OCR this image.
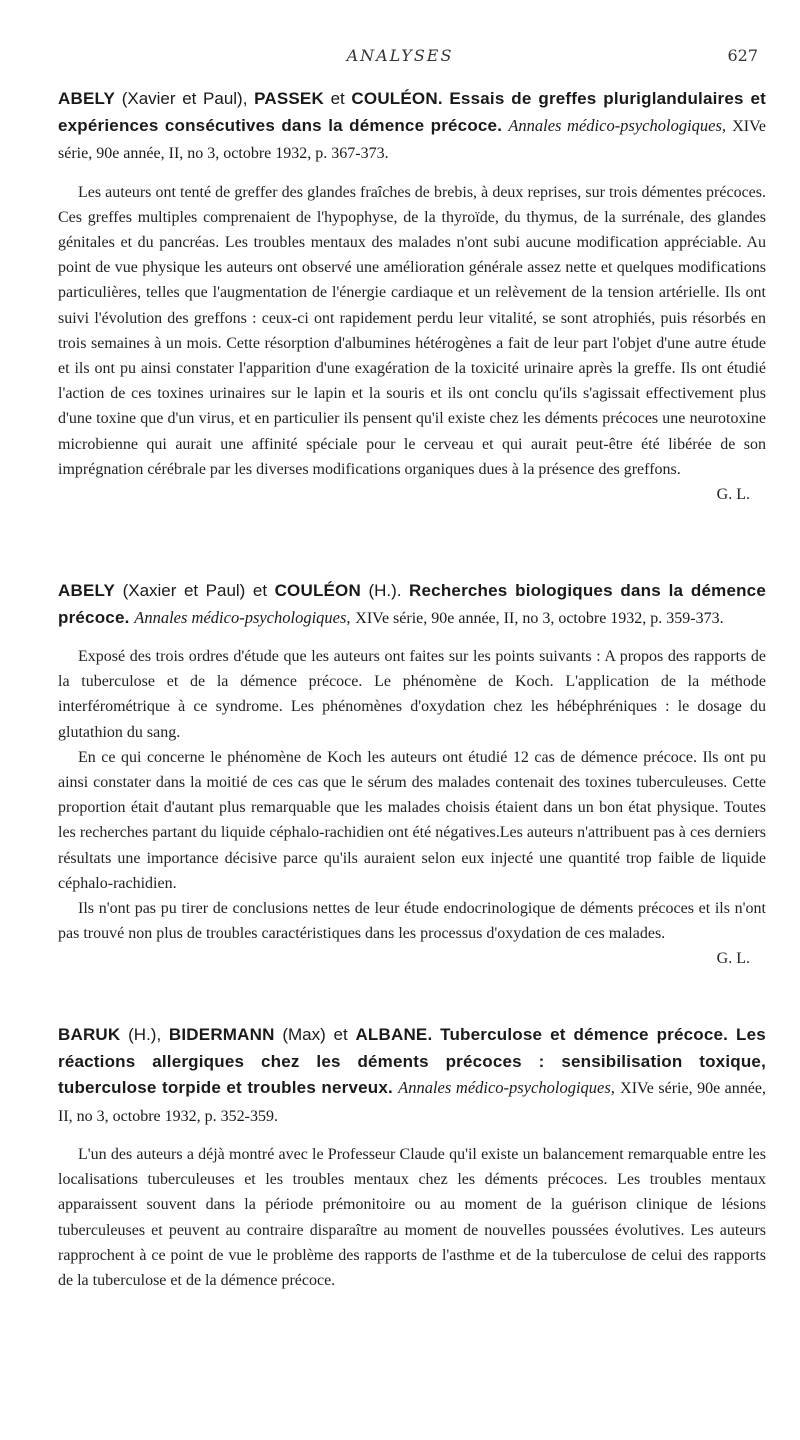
ANALYSES	627

ABELY (Xavier et Paul), PASSEK et COULÉON. Essais de greffes pluriglandulaires et expériences consécutives dans la démence précoce. Annales médico-psychologiques, XIVe série, 90e année, II, no 3, octobre 1932, p. 367-373.

Les auteurs ont tenté de greffer des glandes fraîches de brebis, à deux reprises, sur trois démentes précoces. Ces greffes multiples comprenaient de l'hypophyse, de la thyroïde, du thymus, de la surrénale, des glandes génitales et du pancréas. Les troubles mentaux des malades n'ont subi aucune modification appréciable. Au point de vue physique les auteurs ont observé une amélioration générale assez nette et quelques modifications particulières, telles que l'augmentation de l'énergie cardiaque et un relèvement de la tension artérielle. Ils ont suivi l'évolution des greffons : ceux-ci ont rapidement perdu leur vitalité, se sont atrophiés, puis résorbés en trois semaines à un mois. Cette résorption d'albumines hétérogènes a fait de leur part l'objet d'une autre étude et ils ont pu ainsi constater l'apparition d'une exagération de la toxicité urinaire après la greffe. Ils ont étudié l'action de ces toxines urinaires sur le lapin et la souris et ils ont conclu qu'ils s'agissait effectivement plus d'une toxine que d'un virus, et en particulier ils pensent qu'il existe chez les déments précoces une neurotoxine microbienne qui aurait une affinité spéciale pour le cerveau et qui aurait peut-être été libérée de son imprégnation cérébrale par les diverses modifications organiques dues à la présence des greffons.

G. L.

ABELY (Xaxier et Paul) et COULÉON (H.). Recherches biologiques dans la démence précoce. Annales médico-psychologiques, XIVe série, 90e année, II, no 3, octobre 1932, p. 359-373.

Exposé des trois ordres d'étude que les auteurs ont faites sur les points suivants : A propos des rapports de la tuberculose et de la démence précoce. Le phénomène de Koch. L'application de la méthode interférométrique à ce syndrome. Les phénomènes d'oxydation chez les hébéphréniques : le dosage du glutathion du sang.

En ce qui concerne le phénomène de Koch les auteurs ont étudié 12 cas de démence précoce. Ils ont pu ainsi constater dans la moitié de ces cas que le sérum des malades contenait des toxines tuberculeuses. Cette proportion était d'autant plus remarquable que les malades choisis étaient dans un bon état physique. Toutes les recherches partant du liquide céphalo-rachidien ont été négatives.Les auteurs n'attribuent pas à ces derniers résultats une importance décisive parce qu'ils auraient selon eux injecté une quantité trop faible de liquide céphalo-rachidien.

Ils n'ont pas pu tirer de conclusions nettes de leur étude endocrinologique de déments précoces et ils n'ont pas trouvé non plus de troubles caractéristiques dans les processus d'oxydation de ces malades.

G. L.

BARUK (H.), BIDERMANN (Max) et ALBANE. Tuberculose et démence précoce. Les réactions allergiques chez les déments précoces : sensibilisation toxique, tuberculose torpide et troubles nerveux. Annales médico-psychologiques, XIVe série, 90e année, II, no 3, octobre 1932, p. 352-359.

L'un des auteurs a déjà montré avec le Professeur Claude qu'il existe un balancement remarquable entre les localisations tuberculeuses et les troubles mentaux chez les déments précoces. Les troubles mentaux apparaissent souvent dans la période prémonitoire ou au moment de la guérison clinique de lésions tuberculeuses et peuvent au contraire disparaître au moment de nouvelles poussées évolutives. Les auteurs rapprochent à ce point de vue le problème des rapports de l'asthme et de la tuberculose de celui des rapports de la tuberculose et de la démence précoce.
